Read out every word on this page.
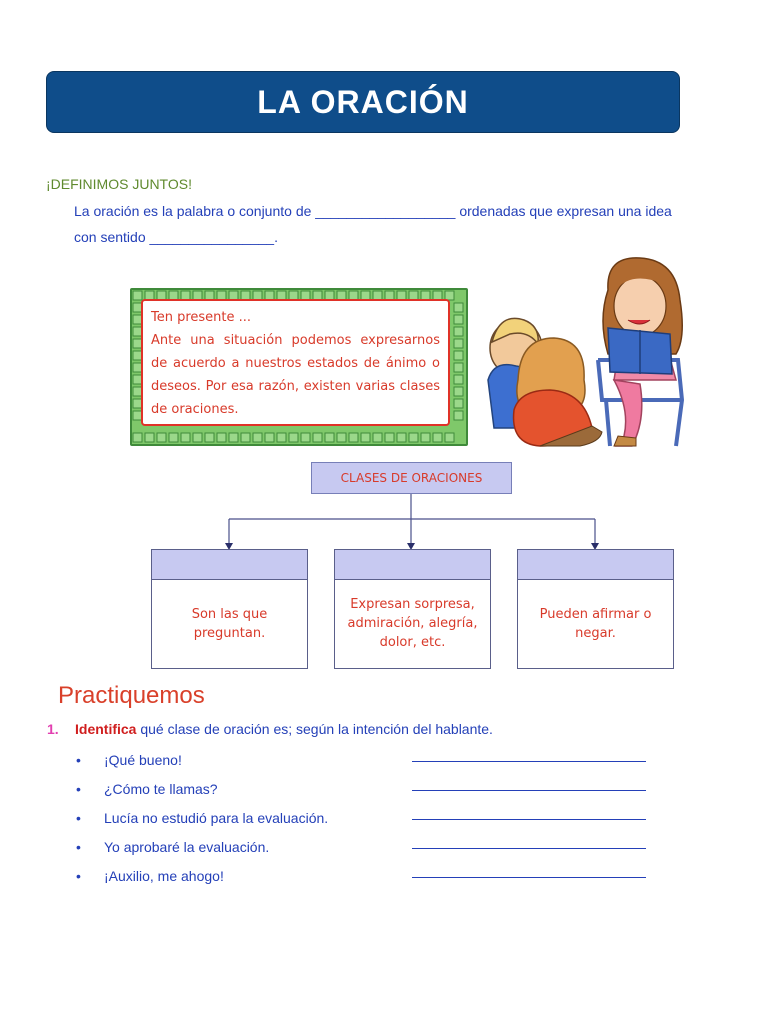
LA ORACIÓN
¡DEFINIMOS JUNTOS!
La oración es la palabra o conjunto de __________________ ordenadas que expresan una idea
con sentido ________________.
Ten presente ...
Ante una situación podemos expresarnos de acuerdo a nuestros estados de ánimo o deseos. Por esa razón, existen varias clases de oraciones.
CLASES DE ORACIONES
Son las que preguntan.
Expresan sorpresa, admiración, alegría, dolor, etc.
Pueden afirmar o negar.
Practiquemos
1. Identifica qué clase de oración es; según la intención del hablante.
•	¡Qué bueno!
•	¿Cómo te llamas?
•	Lucía no estudió para la evaluación.
•	Yo aprobaré la evaluación.
•	¡Auxilio, me ahogo!
